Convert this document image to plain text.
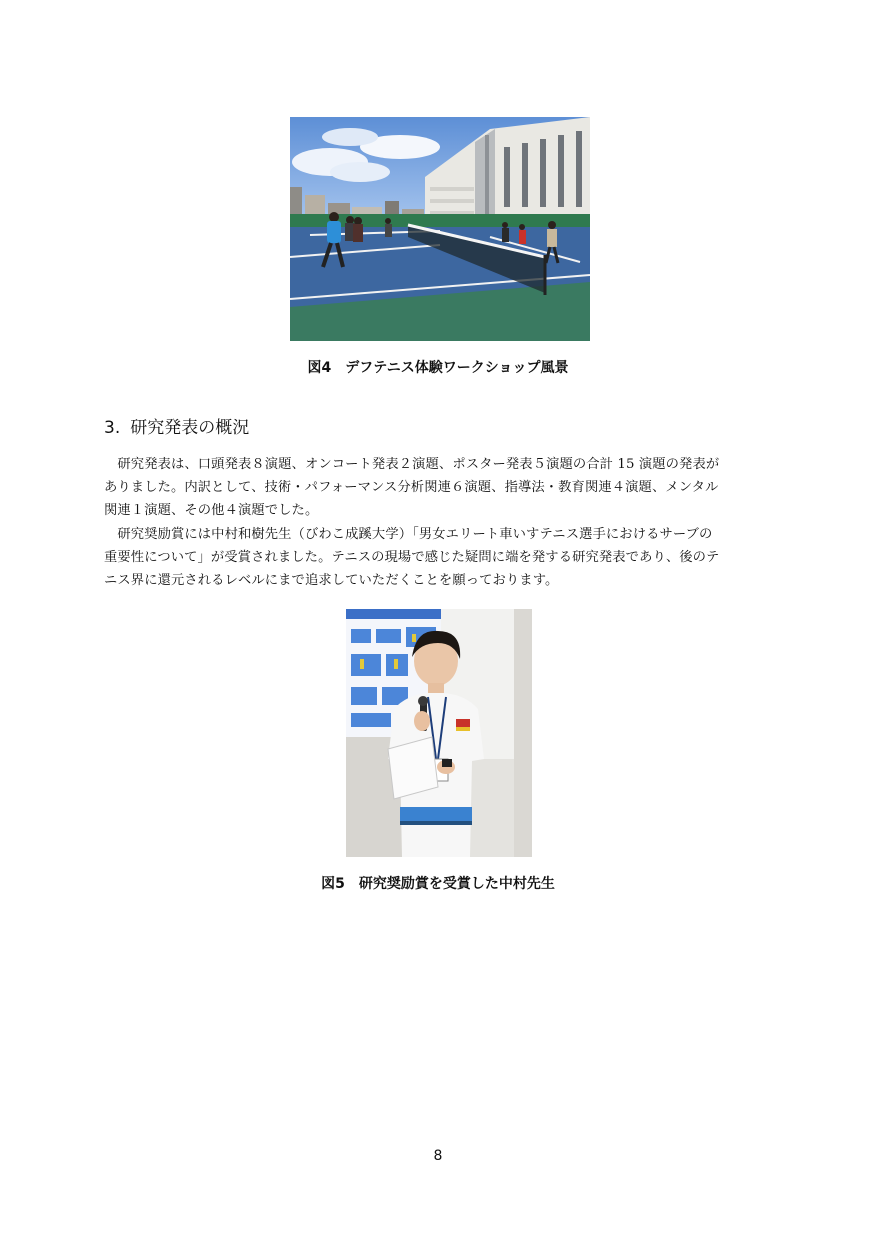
図4　デフテニス体験ワークショップ風景
3. 研究発表の概況

　研究発表は、口頭発表８演題、オンコート発表２演題、ポスター発表５演題の合計 15 演題の発表が
ありました。内訳として、技術・パフォーマンス分析関連６演題、指導法・教育関連４演題、メンタル
関連１演題、その他４演題でした。

　研究奨励賞には中村和樹先生（びわこ成蹊大学）「男女エリート車いすテニス選手におけるサーブの
重要性について」が受賞されました。テニスの現場で感じた疑問に端を発する研究発表であり、後のテ
ニス界に還元されるレベルにまで追求していただくことを願っております。

図5　研究奨励賞を受賞した中村先生
8
